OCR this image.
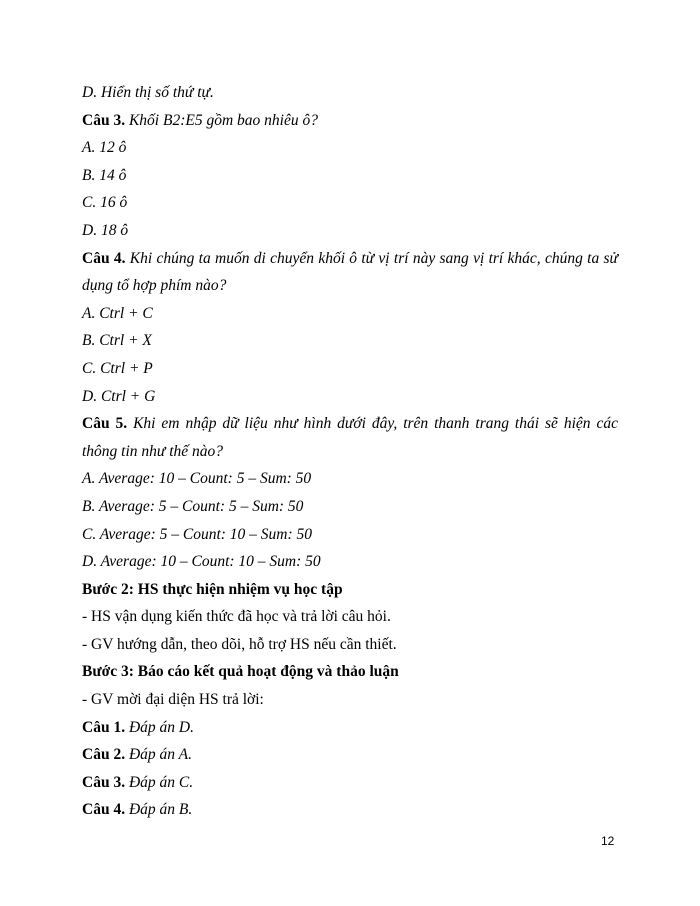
D. Hiển thị số thứ tự.
Câu 3. Khối B2:E5 gồm bao nhiêu ô?
A. 12 ô
B. 14 ô
C. 16 ô
D. 18 ô
Câu 4. Khi chúng ta muốn di chuyển khối ô từ vị trí này sang vị trí khác, chúng ta sử dụng tổ hợp phím nào?
A. Ctrl + C
B. Ctrl + X
C. Ctrl + P
D. Ctrl + G
Câu 5. Khi em nhập dữ liệu như hình dưới đây, trên thanh trang thái sẽ hiện các thông tin như thế nào?
A. Average: 10 – Count: 5 – Sum: 50
B. Average: 5 – Count: 5 – Sum: 50
C. Average: 5 – Count: 10 – Sum: 50
D. Average: 10 – Count: 10 – Sum: 50
Bước 2: HS thực hiện nhiệm vụ học tập
- HS vận dụng kiến thức đã học và trả lời câu hỏi.
- GV hướng dẫn, theo dõi, hỗ trợ HS nếu cần thiết.
Bước 3: Báo cáo kết quả hoạt động và thảo luận
- GV mời đại diện HS trả lời:
Câu 1. Đáp án D.
Câu 2. Đáp án A.
Câu 3. Đáp án C.
Câu 4. Đáp án B.
12
